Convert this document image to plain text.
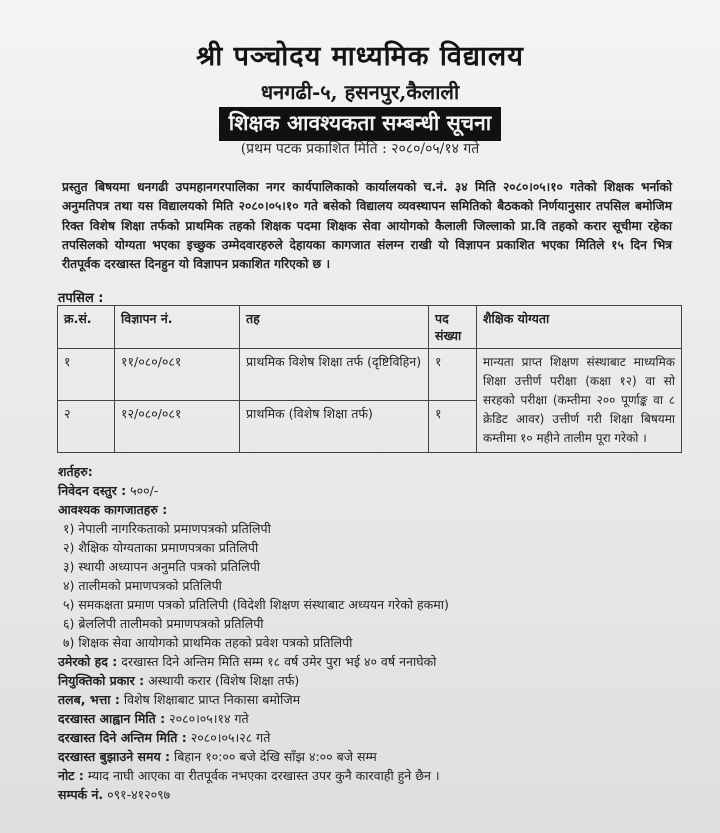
श्री पञ्चोदय माध्यमिक विद्यालय
धनगढी-५, हसनपुर,कैलाली
शिक्षक आवश्यकता सम्बन्धी सूचना
(प्रथम पटक प्रकाशित मिति : २०८०/०५/१४ गते
प्रस्तुत बिषयमा धनगढी उपमहानगरपालिका नगर कार्यपालिकाको कार्यालयको च.नं. ३४ मिति २०८०।०५।१० गतेको शिक्षक भर्नाको अनुमतिपत्र तथा यस विद्यालयको मिति २०८०।०५।१० गते बसेको विद्यालय व्यवस्थापन समितिको बैठकको निर्णयानुसार तपसिल बमोजिम रिक्त विशेष शिक्षा तर्फको प्राथमिक तहको शिक्षक पदमा शिक्षक सेवा आयोगको कैलाली जिल्लाको प्रा.वि तहको करार सूचीमा रहेका तपसिलको योग्यता भएका इच्छुक उम्मेदवारहरुले देहायका कागजात संलग्न राखी यो विज्ञापन प्रकाशित भएका मितिले १५ दिन भित्र रीतपूर्वक दरखास्त दिनहुन यो विज्ञापन प्रकाशित गरिएको छ ।
तपसिल :
क्र.सं.	विज्ञापन नं.	तह	पद संख्या	शैक्षिक योग्यता
१	११/०८०/०८१	प्राथमिक विशेष शिक्षा तर्फ (दृष्टिविहिन)	१	मान्यता प्राप्त शिक्षण संस्थाबाट माध्यमिक शिक्षा उत्तीर्ण परीक्षा (कक्षा १२) वा सो सरहको परीक्षा (कम्तीमा २०० पूर्णाङ्क वा ८ क्रेडिट आवर) उत्तीर्ण गरी शिक्षा बिषयमा कम्तीमा १० महीने तालीम पूरा गरेको ।
२	१२/०८०/०८१	प्राथमिक (विशेष शिक्षा तर्फ)	१	
शर्तहरु:
निवेदन दस्तुर : ५००/-
आवश्यक कागजातहरु :
१) नेपाली नागरिकताको प्रमाणपत्रको प्रतिलिपी
२) शैक्षिक योग्यताका प्रमाणपत्रका प्रतिलिपी
३) स्थायी अध्यापन अनुमति पत्रको प्रतिलिपी
४) तालीमको प्रमाणपत्रको प्रतिलिपी
५) समकक्षता प्रमाण पत्रको प्रतिलिपी (विदेशी शिक्षण संस्थाबाट अध्ययन गरेको हकमा)
६) ब्रेललिपी तालीमको प्रमाणपत्रको प्रतिलिपी
७) शिक्षक सेवा आयोगको प्राथमिक तहको प्रवेश पत्रको प्रतिलिपी
उमेरको हद : दरखास्त दिने अन्तिम मिति सम्म १८ वर्ष उमेर पुरा भई ४० वर्ष ननाघेको
नियुक्तिको प्रकार : अस्थायी करार (विशेष शिक्षा तर्फ)
तलब, भत्ता : विशेष शिक्षाबाट प्राप्त निकासा बमोजिम
दरखास्त आह्वान मिति : २०८०।०५।१४ गते
दरखास्त दिने अन्तिम मिति : २०८०।०५।२८ गते
दरखास्त बुझाउने समय : बिहान १०:०० बजे देखि साँझ ४:०० बजे सम्म
नोट : म्याद नाघी आएका वा रीतपूर्वक नभएका दरखास्त उपर कुनै कारवाही हुने छैन ।
सम्पर्क नं. ०९१-४१२०९७
